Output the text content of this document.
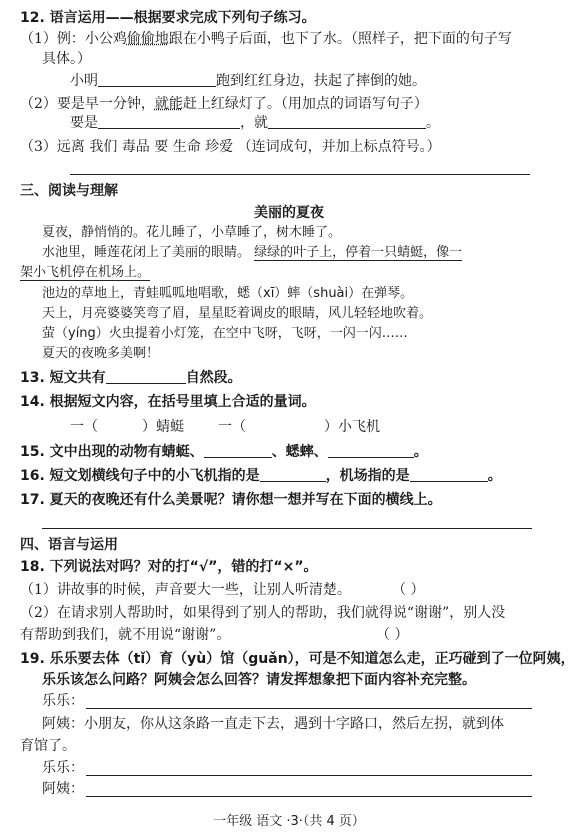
12. 语言运用——根据要求完成下列句子练习。
（1）例：小公鸡偷偷地跟在小鸭子后面，也下了水。（照样子，把下面的句子写
具体。）
小明	跑到红红身边，扶起了摔倒的她。
（2）要是早一分钟，就能赶上红绿灯了。（用加点的词语写句子）
要是	，就	。
（3）远离 我们 毒品 要 生命 珍爱 （连词成句，并加上标点符号。）
三、阅读与理解
美丽的夏夜
夏夜，静悄悄的。花儿睡了，小草睡了，树木睡了。
水池里，睡莲花闭上了美丽的眼睛。 绿绿的叶子上，停着一只蜻蜓，像一
架小飞机停在机场上。
池边的草地上，青蛙呱呱地唱歌，蟋（xī）蟀（shuài）在弹琴。
天上，月亮婆婆笑弯了眉，星星眨着调皮的眼睛，风儿轻轻地吹着。
萤（yíng）火虫提着小灯笼，在空中飞呀，飞呀，一闪一闪……
夏天的夜晚多美啊！
13. 短文共有	自然段。
14. 根据短文内容，在括号里填上合适的量词。
一（	）蜻蜓 一（	）小飞机
15. 文中出现的动物有蜻蜓、	、蟋蟀、	。
16. 短文划横线句子中的小飞机指的是	，机场指的是	。
17. 夏天的夜晚还有什么美景呢？请你想一想并写在下面的横线上。
四、语言与运用
18. 下列说法对吗？对的打“√”，错的打“×”。
（1）讲故事的时候，声音要大一些，让别人听清楚。	（ ）
（2）在请求别人帮助时，如果得到了别人的帮助，我们就得说“谢谢”，别人没
有帮助到我们，就不用说“谢谢”。	（ ）
19. 乐乐要去体（tǐ）育（yù）馆（guǎn），可是不知道怎么走，正巧碰到了一位阿姨，
乐乐该怎么问路？阿姨会怎么回答？请发挥想象把下面内容补充完整。
乐乐：
阿姨：小朋友，你从这条路一直走下去，遇到十字路口，然后左拐，就到体
育馆了。
乐乐：
阿姨：
一年级 语文 ·3·（共 4 页）
